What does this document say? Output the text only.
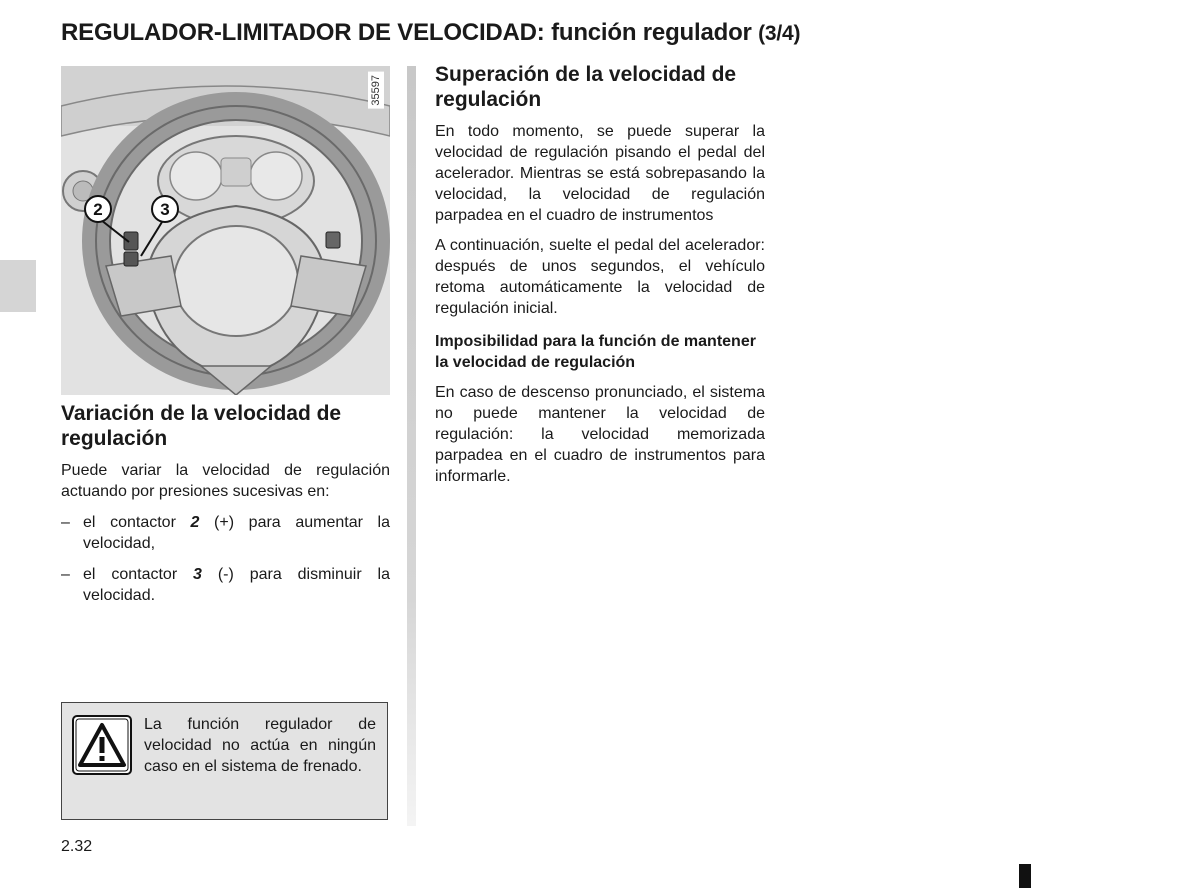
REGULADOR-LIMITADOR DE VELOCIDAD: función regulador (3/4)
2	3
35597
Variación de la velocidad de regulación

Puede variar la velocidad de regulación actuando por presiones sucesivas en:

– el contactor 2 (+) para aumentar la velocidad,
– el contactor 3 (-) para disminuir la velocidad.
Superación de la velocidad de regulación

En todo momento, se puede superar la velocidad de regulación pisando el pedal del acelerador. Mientras se está sobrepasando la velocidad, la velocidad de regulación parpadea en el cuadro de instrumentos

A continuación, suelte el pedal del acelerador: después de unos segundos, el vehículo retoma automáticamente la velocidad de regulación inicial.

Imposibilidad para la función de mantener la velocidad de regulación

En caso de descenso pronunciado, el sistema no puede mantener la velocidad de regulación: la velocidad memorizada parpadea en el cuadro de instrumentos para informarle.

La función regulador de velocidad no actúa en ningún caso en el sistema de frenado.
2.32
